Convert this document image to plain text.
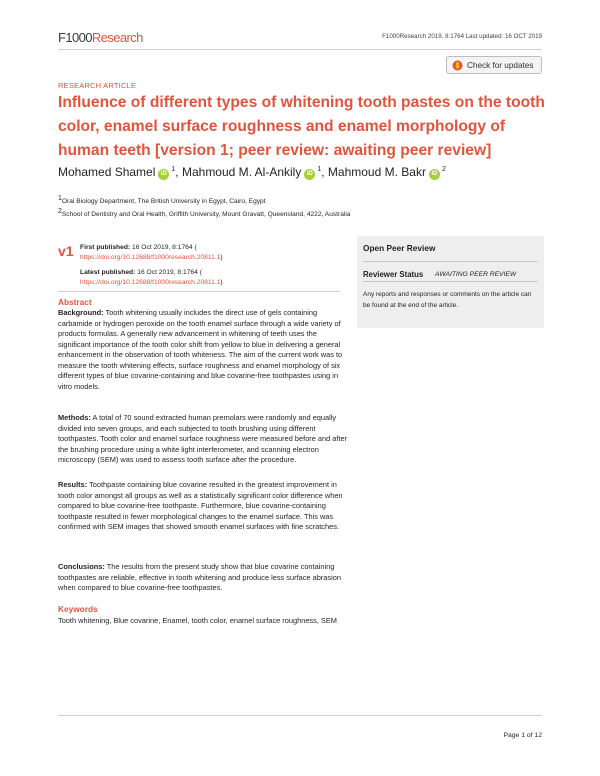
F1000Research	F1000Research 2019, 8:1764 Last updated: 16 OCT 2019
Check for updates
RESEARCH ARTICLE
Influence of different types of whitening tooth pastes on the tooth color, enamel surface roughness and enamel morphology of human teeth [version 1; peer review: awaiting peer review]
Mohamed Shamel $iD^1$, Mahmoud M. Al-Ankily $iD^1$, Mahmoud M. Bakr $iD^2$
$^1$Oral Biology Department, The British University in Egypt, Cairo, Egypt
$^2$School of Dentistry and Oral Health, Griffith University, Mount Gravatt, Queensland, 4222, Australia
v1 First published: 16 Oct 2019, 8:1764 (
https://doi.org/10.12688/f1000research.20811.1)
Latest published: 16 Oct 2019, 8:1764 (
https://doi.org/10.12688/f1000research.20811.1)
Abstract

Background: Tooth whitening usually includes the direct use of gels containing carbamide or hydrogen peroxide on the tooth enamel surface through a wide variety of products formulas. A generally new advancement in whitening of teeth uses the significant importance of the tooth color shift from yellow to blue in delivering a general enhancement in the observation of tooth whiteness. The aim of the current work was to measure the tooth whitening effects, surface roughness and enamel morphology of six different types of blue covarine-containing and blue covarine-free toothpastes using in vitro models.

Methods: A total of 70 sound extracted human premolars were randomly and equally divided into seven groups, and each subjected to tooth brushing using different toothpastes. Tooth color and enamel surface roughness were measured before and after the brushing procedure using a white light interferometer, and scanning electron microscopy (SEM) was used to assess tooth surface after the procedure.

Results: Toothpaste containing blue covarine resulted in the greatest improvement in tooth color amongst all groups as well as a statistically significant color difference when compared to blue covarine-free toothpaste. Furthermore, blue covarine-containing toothpaste resulted in fewer morphological changes to the enamel surface. This was confirmed with SEM images that showed smooth enamel surfaces with fine scratches.

Conclusions: The results from the present study show that blue covarine containing toothpastes are reliable, effective in tooth whitening and produce less surface abrasion when compared to blue covarine-free toothpastes.

Keywords

Tooth whitening, Blue covarine, Enamel, tooth color, enamel surface roughness, SEM

Open Peer Review
Reviewer Status AWAITING PEER REVIEW

Any reports and responses or comments on the article can be found at the end of the article.

Page 1 of 12
